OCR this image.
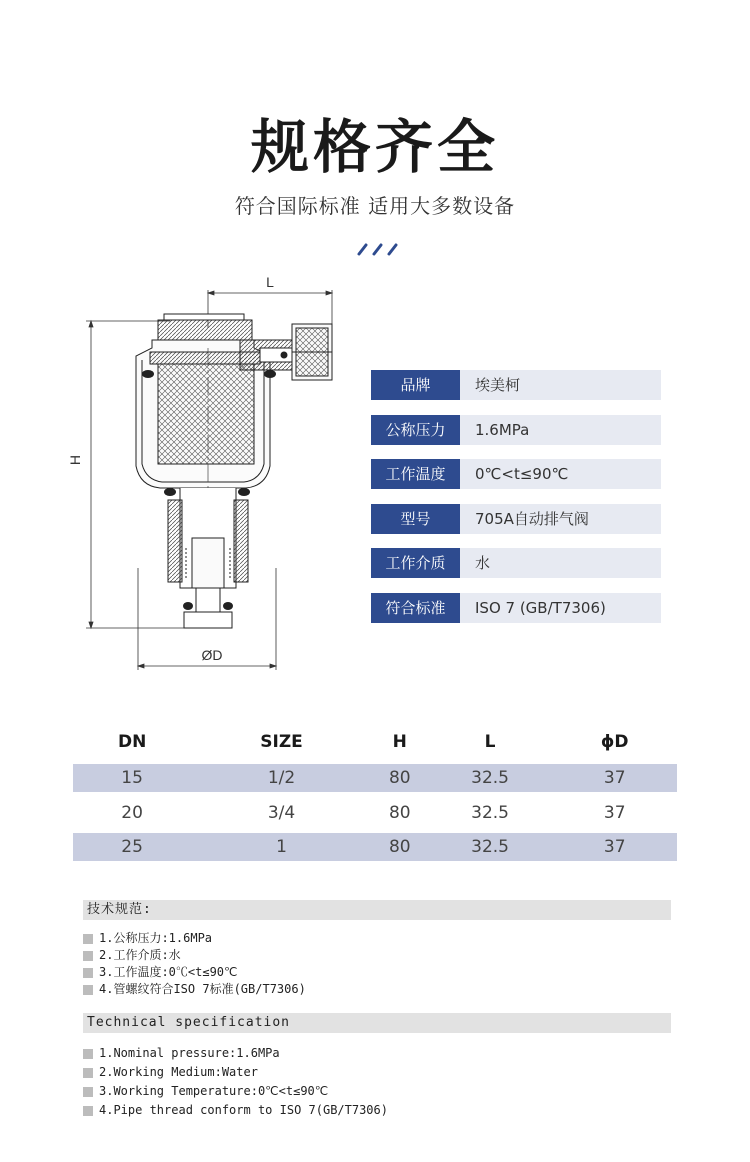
规格齐全
符合国际标准 适用大多数设备
L
H
ØD
品牌	埃美柯
公称压力	1.6MPa
工作温度	0℃<t≤90℃
型号	705A自动排气阀
工作介质	水
符合标准	ISO 7 (GB/T7306)
DN	SIZE	H	L	ϕD
15	1/2	80	32.5	37
20	3/4	80	32.5	37
25	1	80	32.5	37
技术规范:
1.公称压力:1.6MPa
2.工作介质:水
3.工作温度:0℃<t≤90℃
4.管螺纹符合ISO 7标准(GB/T7306)
Technical specification
1.Nominal pressure:1.6MPa
2.Working Medium:Water
3.Working Temperature:0℃<t≤90℃
4.Pipe thread conform to ISO 7(GB/T7306)
